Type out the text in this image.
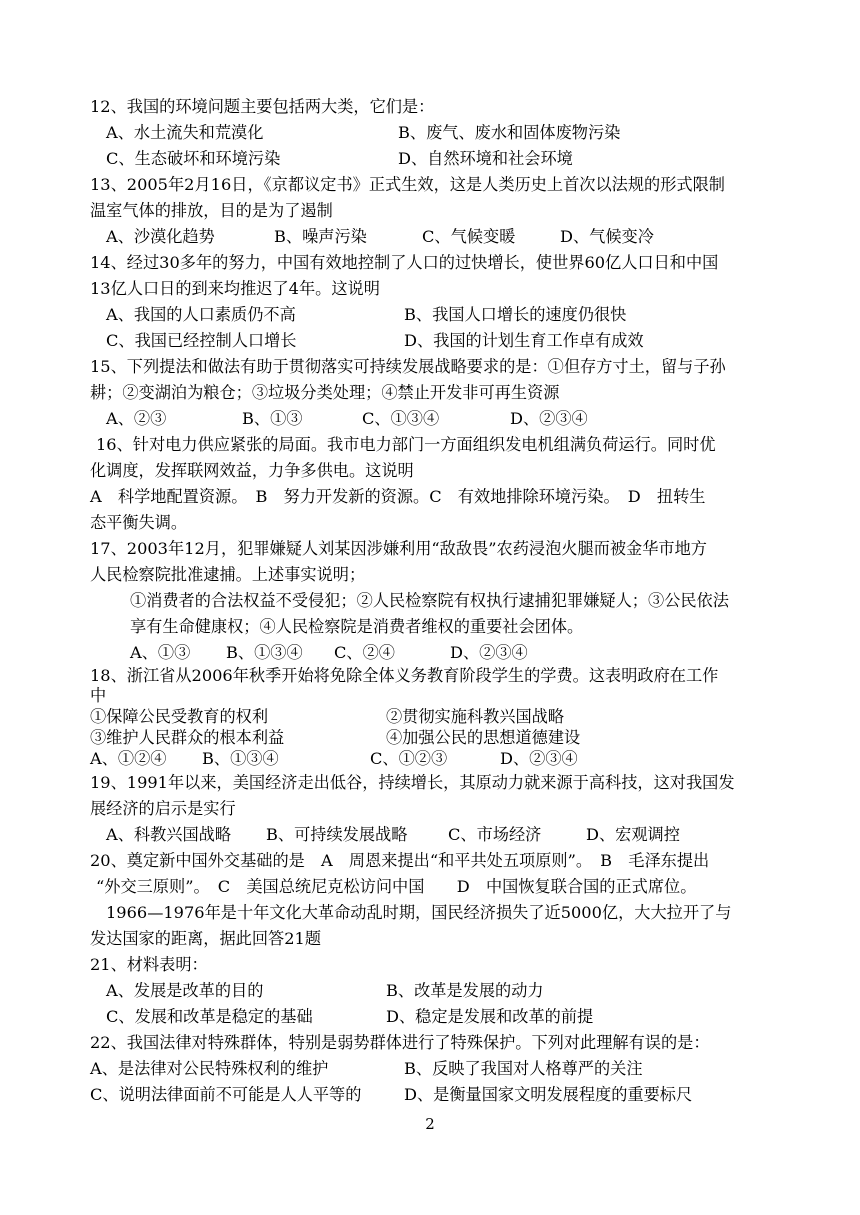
12、我国的环境问题主要包括两大类，它们是：
A、水土流失和荒漠化	B、废气、废水和固体废物污染
C、生态破坏和环境污染	D、自然环境和社会环境
13、2005年2月16日，《京都议定书》正式生效，这是人类历史上首次以法规的形式限制
温室气体的排放，目的是为了遏制
A、沙漠化趋势	B、噪声污染	C、气候变暖	D、气候变冷
14、经过30多年的努力，中国有效地控制了人口的过快增长，使世界60亿人口日和中国
13亿人口日的到来均推迟了4年。这说明
A、我国的人口素质仍不高	B、我国人口增长的速度仍很快
C、我国已经控制人口增长	D、我国的计划生育工作卓有成效
15、下列提法和做法有助于贯彻落实可持续发展战略要求的是：①但存方寸土，留与子孙
耕；②变湖泊为粮仓；③垃圾分类处理；④禁止开发非可再生资源
A、②③	B、①③	C、①③④	D、②③④
16、针对电力供应紧张的局面。我市电力部门一方面组织发电机组满负荷运行。同时优
化调度，发挥联网效益，力争多供电。这说明
A　科学地配置资源。　B　努力开发新的资源。C　有效地排除环境污染。　D　扭转生
态平衡失调。
17、2003年12月，犯罪嫌疑人刘某因涉嫌利用“敌敌畏”农药浸泡火腿而被金华市地方
人民检察院批准逮捕。上述事实说明；
①消费者的合法权益不受侵犯；②人民检察院有权执行逮捕犯罪嫌疑人；③公民依法
享有生命健康权；④人民检察院是消费者维权的重要社会团体。
A、①③ B、①③④ C、②④	D、②③④
18、浙江省从2006年秋季开始将免除全体义务教育阶段学生的学费。这表明政府在工作
中
①保障公民受教育的权利	②贯彻实施科教兴国战略
③维护人民群众的根本利益	④加强公民的思想道德建设
A、①②④ B、①③④	C、①②③	D、②③④
19、1991年以来，美国经济走出低谷，持续增长，其原动力就来源于高科技，这对我国发
展经济的启示是实行
A、科教兴国战略 B、可持续发展战略	C、市场经济	D、宏观调控
20、奠定新中国外交基础的是　A　周恩来提出“和平共处五项原则”。　B　毛泽东提出
“外交三原则”。　C　美国总统尼克松访问中国　　D　中国恢复联合国的正式席位。
1966—1976年是十年文化大革命动乱时期，国民经济损失了近5000亿，大大拉开了与
发达国家的距离，据此回答21题
21、材料表明：
A、发展是改革的目的	B、改革是发展的动力
C、发展和改革是稳定的基础	D、稳定是发展和改革的前提
22、我国法律对特殊群体，特别是弱势群体进行了特殊保护。下列对此理解有误的是：
A、是法律对公民特殊权利的维护	B、反映了我国对人格尊严的关注
C、说明法律面前不可能是人人平等的	D、是衡量国家文明发展程度的重要标尺
2
